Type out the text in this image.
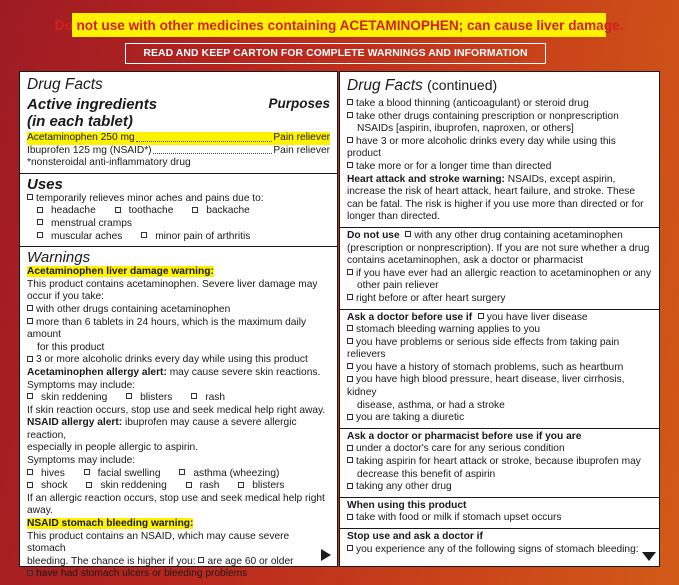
Do not use with other medicines containing ACETAMINOPHEN; can cause liver damage.
READ AND KEEP CARTON FOR COMPLETE WARNINGS AND INFORMATION
Drug Facts
Active ingredients
(in each tablet)
Purposes
Acetaminophen 250 mg	Pain reliever
Ibuprofen 125 mg (NSAID*)	Pain reliever
*nonsteroidal anti-inflammatory drug
Uses
temporarily relieves minor aches and pains due to:
headache	toothache	backache menstrual cramps
muscular aches	minor pain of arthritis
Warnings
Acetaminophen liver damage warning:
This product contains acetaminophen. Severe liver damage may occur if you take:
with other drugs containing acetaminophen
more than 6 tablets in 24 hours, which is the maximum daily amount
for this product
3 or more alcoholic drinks every day while using this product
Acetaminophen allergy alert: may cause severe skin reactions.
Symptoms may include:
skin reddening	blisters	rash
If skin reaction occurs, stop use and seek medical help right away.
NSAID allergy alert: ibuprofen may cause a severe allergic reaction,
especially in people allergic to aspirin.
Symptoms may include:
hives	facial swelling	asthma (wheezing)
shock	skin reddening	rash	blisters
If an allergic reaction occurs, stop use and seek medical help right away.
NSAID stomach bleeding warning:
This product contains an NSAID, which may cause severe stomach
bleeding. The chance is higher if you: are age 60 or older
have had stomach ulcers or bleeding problems
Drug Facts (continued)
take a blood thinning (anticoagulant) or steroid drug
take other drugs containing prescription or nonprescription
NSAIDs [aspirin, ibuprofen, naproxen, or others]
have 3 or more alcoholic drinks every day while using this product
take more or for a longer time than directed
Heart attack and stroke warning: NSAIDs, except aspirin,
increase the risk of heart attack, heart failure, and stroke. These
can be fatal. The risk is higher if you use more than directed or for
longer than directed.
Do not use with any other drug containing acetaminophen
(prescription or nonprescription). If you are not sure whether a drug
contains acetaminophen, ask a doctor or pharmacist
if you have ever had an allergic reaction to acetaminophen or any
other pain reliever
right before or after heart surgery
Ask a doctor before use if you have liver disease
stomach bleeding warning applies to you
you have problems or serious side effects from taking pain relievers
you have a history of stomach problems, such as heartburn
you have high blood pressure, heart disease, liver cirrhosis, kidney
disease, asthma, or had a stroke
you are taking a diuretic
Ask a doctor or pharmacist before use if you are
under a doctor's care for any serious condition
taking aspirin for heart attack or stroke, because ibuprofen may
decrease this benefit of aspirin
taking any other drug
When using this product
take with food or milk if stomach upset occurs
Stop use and ask a doctor if
you experience any of the following signs of stomach bleeding:
